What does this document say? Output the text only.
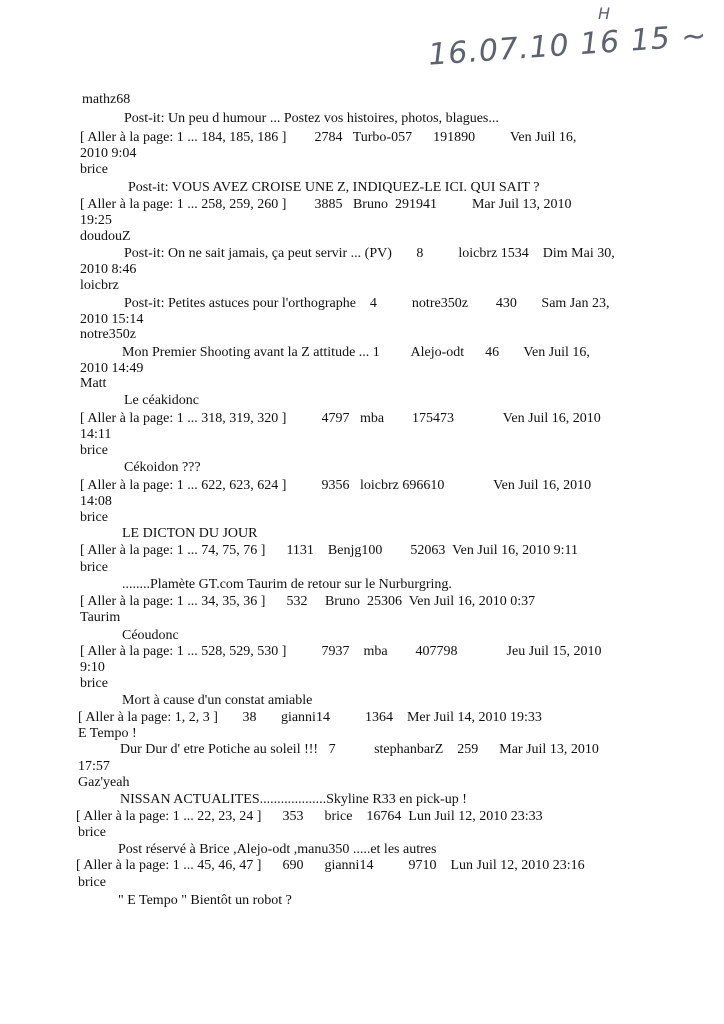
16.07.10 16 15 ~
H
mathz68
Post-it: Un peu d humour ... Postez vos histoires, photos, blagues...
[ Aller à la page: 1 ... 184, 185, 186 ]        2784   Turbo-057      191890          Ven Juil 16,
2010 9:04
brice
Post-it: VOUS AVEZ CROISE UNE Z, INDIQUEZ-LE ICI. QUI SAIT ?
[ Aller à la page: 1 ... 258, 259, 260 ]        3885   Bruno  291941          Mar Juil 13, 2010
19:25
doudouZ
Post-it: On ne sait jamais, ça peut servir ... (PV)       8          loicbrz 1534    Dim Mai 30,
2010 8:46
loicbrz
Post-it: Petites astuces pour l'orthographe    4          notre350z        430       Sam Jan 23,
2010 15:14
notre350z
Mon Premier Shooting avant la Z attitude ... 1         Alejo-odt      46       Ven Juil 16,
2010 14:49
Matt
Le céakidonc
[ Aller à la page: 1 ... 318, 319, 320 ]          4797   mba        175473              Ven Juil 16, 2010
14:11
brice
Cékoidon ???
[ Aller à la page: 1 ... 622, 623, 624 ]          9356   loicbrz 696610              Ven Juil 16, 2010
14:08
brice
LE DICTON DU JOUR
[ Aller à la page: 1 ... 74, 75, 76 ]      1131    Benjg100        52063  Ven Juil 16, 2010 9:11
brice
........Plamète GT.com Taurim de retour sur le Nurburgring.
[ Aller à la page: 1 ... 34, 35, 36 ]      532     Bruno  25306  Ven Juil 16, 2010 0:37
Taurim
Céoudonc
[ Aller à la page: 1 ... 528, 529, 530 ]          7937    mba        407798              Jeu Juil 15, 2010
9:10
brice
Mort à cause d'un constat amiable
[ Aller à la page: 1, 2, 3 ]       38       gianni14          1364    Mer Juil 14, 2010 19:33
E Tempo !
Dur Dur d' etre Potiche au soleil !!!   7           stephanbarZ    259      Mar Juil 13, 2010
17:57
Gaz'yeah
NISSAN ACTUALITES...................Skyline R33 en pick-up !
[ Aller à la page: 1 ... 22, 23, 24 ]      353      brice    16764  Lun Juil 12, 2010 23:33
brice
Post réservé à Brice ,Alejo-odt ,manu350 .....et les autres
[ Aller à la page: 1 ... 45, 46, 47 ]      690      gianni14          9710    Lun Juil 12, 2010 23:16
brice
" E Tempo " Bientôt un robot ?
